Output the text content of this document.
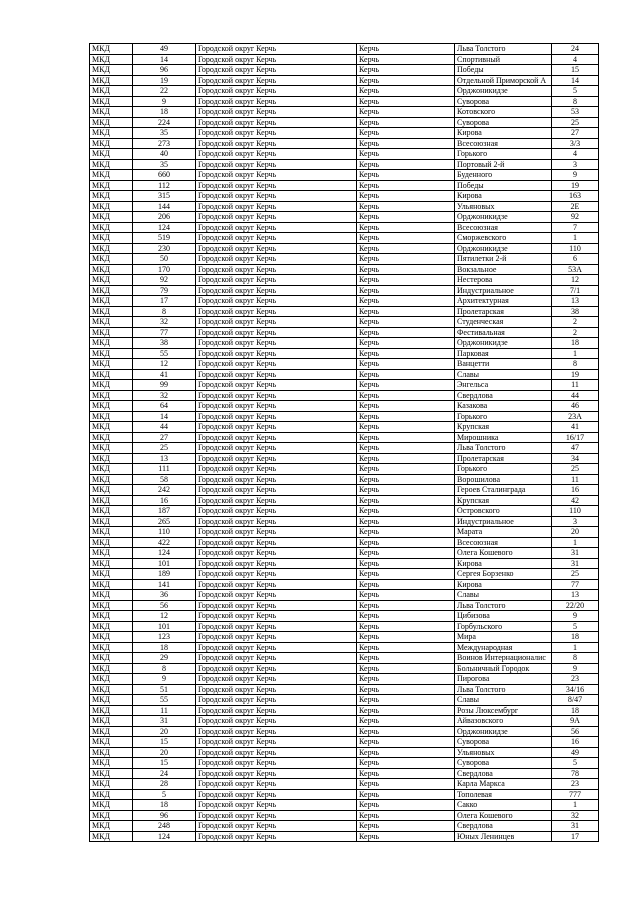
МКД	49	Городской округ Керчь	Керчь	Льва Толстого	24
МКД	14	Городской округ Керчь	Керчь	Спортивный	4
МКД	96	Городской округ Керчь	Керчь	Победы	15
МКД	19	Городской округ Керчь	Керчь	Отдельной Приморской А	14
МКД	22	Городской округ Керчь	Керчь	Орджоникидзе	5
МКД	9	Городской округ Керчь	Керчь	Суворова	8
МКД	18	Городской округ Керчь	Керчь	Котовского	53
МКД	224	Городской округ Керчь	Керчь	Суворова	25
МКД	35	Городской округ Керчь	Керчь	Кирова	27
МКД	273	Городской округ Керчь	Керчь	Всесоюзная	3/3
МКД	40	Городской округ Керчь	Керчь	Горького	4
МКД	35	Городской округ Керчь	Керчь	Портовый 2-й	3
МКД	660	Городской округ Керчь	Керчь	Буденного	9
МКД	112	Городской округ Керчь	Керчь	Победы	19
МКД	315	Городской округ Керчь	Керчь	Кирова	163
МКД	144	Городской округ Керчь	Керчь	Ульяновых	2Е
МКД	206	Городской округ Керчь	Керчь	Орджоникидзе	92
МКД	124	Городской округ Керчь	Керчь	Всесоюзная	7
МКД	519	Городской округ Керчь	Керчь	Сморжевского	1
МКД	230	Городской округ Керчь	Керчь	Орджоникидзе	110
МКД	50	Городской округ Керчь	Керчь	Пятилетки 2-й	6
МКД	170	Городской округ Керчь	Керчь	Вокзальное	53А
МКД	92	Городской округ Керчь	Керчь	Нестерова	12
МКД	79	Городской округ Керчь	Керчь	Индустриальное	7/1
МКД	17	Городской округ Керчь	Керчь	Архитектурная	13
МКД	8	Городской округ Керчь	Керчь	Пролетарская	38
МКД	32	Городской округ Керчь	Керчь	Студенческая	2
МКД	77	Городской округ Керчь	Керчь	Фестивальная	2
МКД	38	Городской округ Керчь	Керчь	Орджоникидзе	18
МКД	55	Городской округ Керчь	Керчь	Парковая	1
МКД	12	Городской округ Керчь	Керчь	Ванцетти	8
МКД	41	Городской округ Керчь	Керчь	Славы	19
МКД	99	Городской округ Керчь	Керчь	Энгельса	11
МКД	32	Городской округ Керчь	Керчь	Свердлова	44
МКД	64	Городской округ Керчь	Керчь	Казакова	46
МКД	14	Городской округ Керчь	Керчь	Горького	23А
МКД	44	Городской округ Керчь	Керчь	Крупская	41
МКД	27	Городской округ Керчь	Керчь	Мирошника	16/17
МКД	25	Городской округ Керчь	Керчь	Льва Толстого	47
МКД	13	Городской округ Керчь	Керчь	Пролетарская	34
МКД	111	Городской округ Керчь	Керчь	Горького	25
МКД	58	Городской округ Керчь	Керчь	Ворошилова	11
МКД	242	Городской округ Керчь	Керчь	Героев Сталинграда	16
МКД	16	Городской округ Керчь	Керчь	Крупская	42
МКД	187	Городской округ Керчь	Керчь	Островского	110
МКД	265	Городской округ Керчь	Керчь	Индустриальное	3
МКД	110	Городской округ Керчь	Керчь	Марата	20
МКД	422	Городской округ Керчь	Керчь	Всесоюзная	1
МКД	124	Городской округ Керчь	Керчь	Олега Кошевого	31
МКД	101	Городской округ Керчь	Керчь	Кирова	31
МКД	189	Городской округ Керчь	Керчь	Сергея Борзенко	25
МКД	141	Городской округ Керчь	Керчь	Кирова	77
МКД	36	Городской округ Керчь	Керчь	Славы	13
МКД	56	Городской округ Керчь	Керчь	Льва Толстого	22/20
МКД	12	Городской округ Керчь	Керчь	Цибизова	9
МКД	101	Городской округ Керчь	Керчь	Горбульского	5
МКД	123	Городской округ Керчь	Керчь	Мира	18
МКД	18	Городской округ Керчь	Керчь	Международная	1
МКД	29	Городской округ Керчь	Керчь	Воинов Интернационалис	8
МКД	8	Городской округ Керчь	Керчь	Больничный Городок	9
МКД	9	Городской округ Керчь	Керчь	Пирогова	23
МКД	51	Городской округ Керчь	Керчь	Льва Толстого	34/16
МКД	55	Городской округ Керчь	Керчь	Славы	8/47
МКД	11	Городской округ Керчь	Керчь	Розы Люксембург	18
МКД	31	Городской округ Керчь	Керчь	Айвазовского	9А
МКД	20	Городской округ Керчь	Керчь	Орджоникидзе	56
МКД	15	Городской округ Керчь	Керчь	Суворова	16
МКД	20	Городской округ Керчь	Керчь	Ульяновых	49
МКД	15	Городской округ Керчь	Керчь	Суворова	5
МКД	24	Городской округ Керчь	Керчь	Свердлова	78
МКД	28	Городской округ Керчь	Керчь	Карла Маркса	23
МКД	5	Городской округ Керчь	Керчь	Тополевая	777
МКД	18	Городской округ Керчь	Керчь	Сакко	1
МКД	96	Городской округ Керчь	Керчь	Олега Кошевого	32
МКД	248	Городской округ Керчь	Керчь	Свердлова	31
МКД	124	Городской округ Керчь	Керчь	Юных Ленинцев	17
